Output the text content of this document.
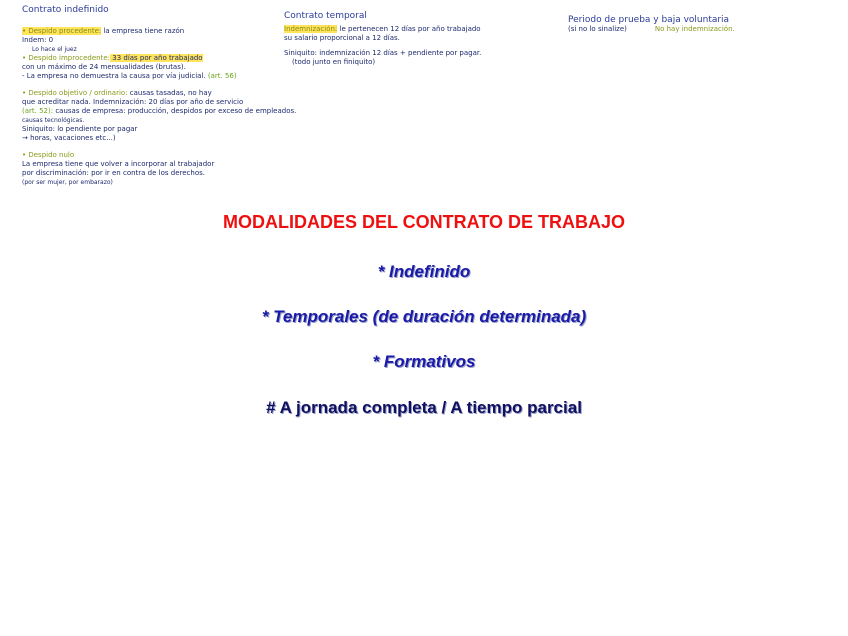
Contrato indefinido
• Despido procedente: la empresa tiene razón
Indem: 0
Lo hace el juez
• Despido improcedente: 33 días por año trabajado
con un máximo de 24 mensualidades (brutas).
- La empresa no demuestra la causa por vía judicial. (art. 56)
• Despido objetivo / ordinario: causas tasadas, no hay
que acreditar nada. Indemnización: 20 días por año de servicio
(art. 52): causas de empresa: producción, despidos por exceso de empleados.
causas tecnológicas.
Siniquito: lo pendiente por pagar
→ horas, vacaciones etc...)
• Despido nulo
La empresa tiene que volver a incorporar al trabajador
por discriminación: por ir en contra de los derechos.
(por ser mujer, por embarazo)
Contrato temporal
Indemnización: le pertenecen 12 días por año trabajado
su salario proporcional a 12 días.
Siniquito: indemnización 12 días + pendiente por pagar.
(todo junto en finiquito)
Periodo de prueba y baja voluntaria
(si no lo sinalize)	No hay indemnización.
MODALIDADES DEL CONTRATO DE TRABAJO
* Indefinido
* Temporales (de duración determinada)
* Formativos
# A jornada completa / A tiempo parcial
